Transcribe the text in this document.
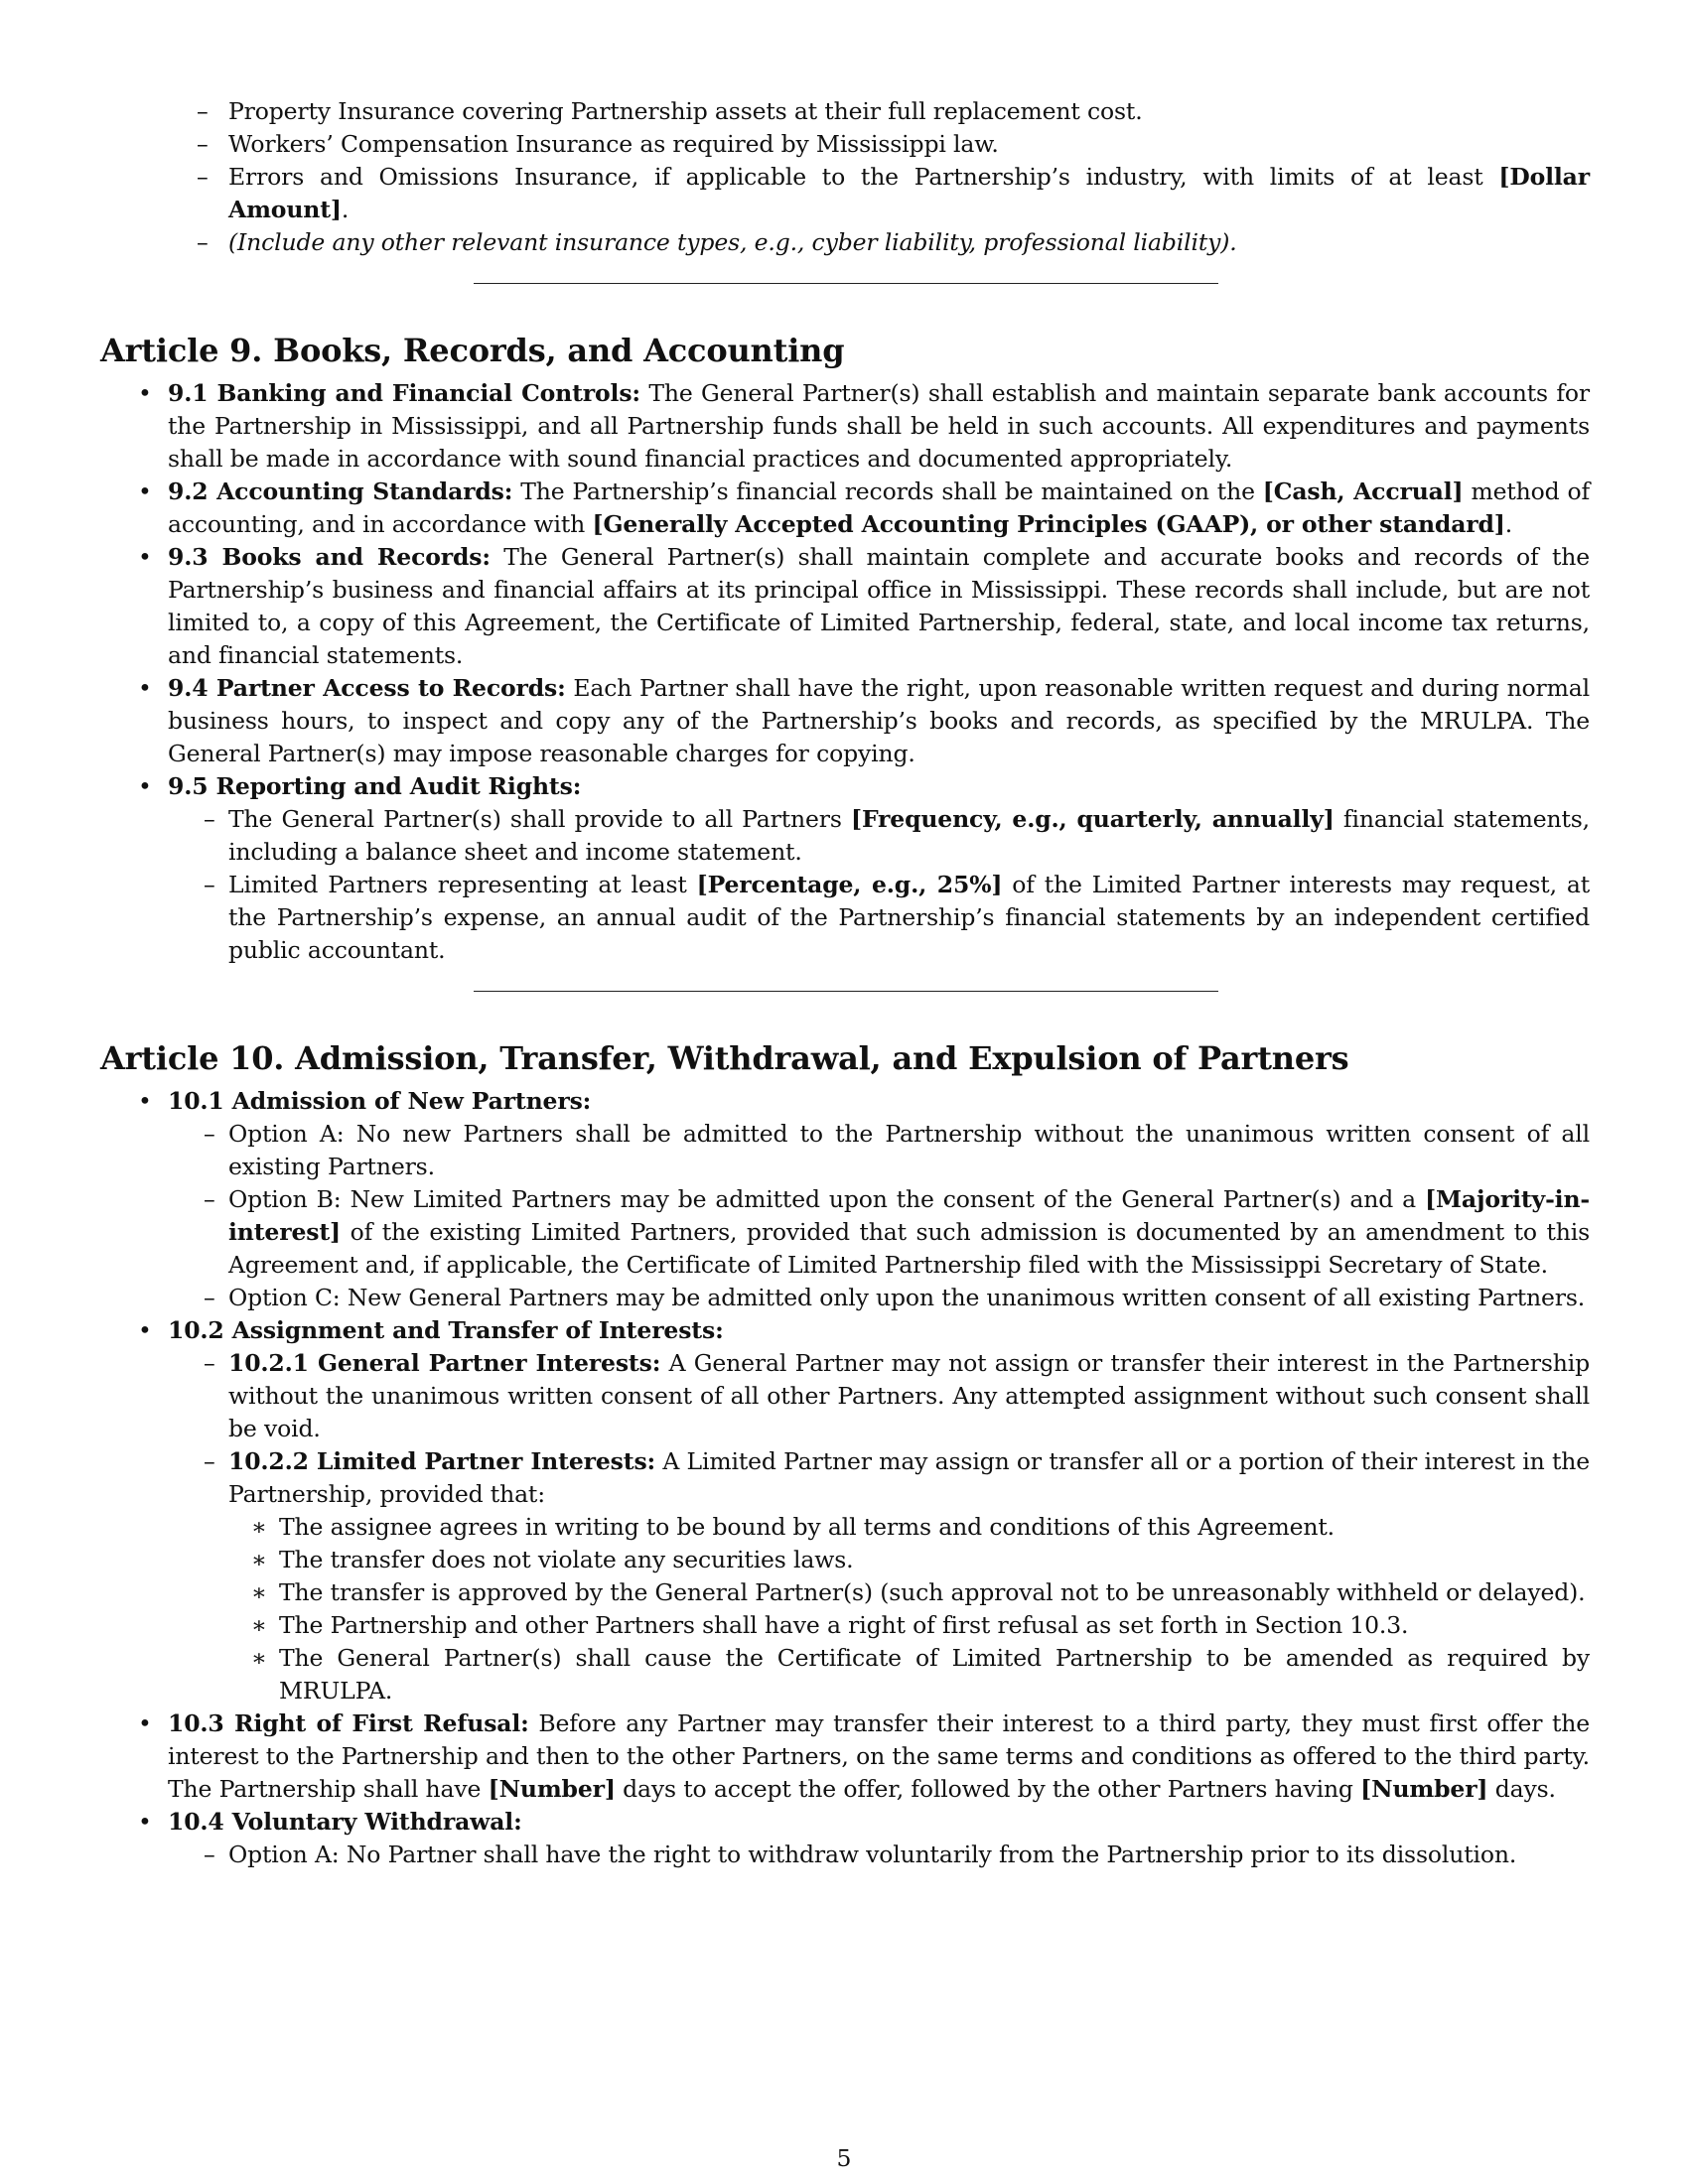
– Property Insurance covering Partnership assets at their full replacement cost.
– Workers’ Compensation Insurance as required by Mississippi law.
– Errors and Omissions Insurance, if applicable to the Partnership’s industry, with limits of at least [Dollar Amount].
– (Include any other relevant insurance types, e.g., cyber liability, professional liability).
Article 9. Books, Records, and Accounting
• 9.1 Banking and Financial Controls: The General Partner(s) shall establish and maintain separate bank accounts for the Partnership in Mississippi, and all Partnership funds shall be held in such accounts. All expenditures and payments shall be made in accordance with sound financial practices and documented appropriately.
• 9.2 Accounting Standards: The Partnership’s financial records shall be maintained on the [Cash, Accrual] method of accounting, and in accordance with [Generally Accepted Accounting Principles (GAAP), or other standard].
• 9.3 Books and Records: The General Partner(s) shall maintain complete and accurate books and records of the Partnership’s business and financial affairs at its principal office in Mississippi. These records shall include, but are not limited to, a copy of this Agreement, the Certificate of Limited Partnership, federal, state, and local income tax returns, and financial statements.
• 9.4 Partner Access to Records: Each Partner shall have the right, upon reasonable written request and during normal business hours, to inspect and copy any of the Partnership’s books and records, as specified by the MRULPA. The General Partner(s) may impose reasonable charges for copying.
• 9.5 Reporting and Audit Rights:
– The General Partner(s) shall provide to all Partners [Frequency, e.g., quarterly, annually] financial statements, including a balance sheet and income statement.
– Limited Partners representing at least [Percentage, e.g., 25%] of the Limited Partner interests may request, at the Partnership’s expense, an annual audit of the Partnership’s financial statements by an independent certified public accountant.
Article 10. Admission, Transfer, Withdrawal, and Expulsion of Partners
• 10.1 Admission of New Partners:
– Option A: No new Partners shall be admitted to the Partnership without the unanimous written consent of all existing Partners.
– Option B: New Limited Partners may be admitted upon the consent of the General Partner(s) and a [Majority-in-interest] of the existing Limited Partners, provided that such admission is documented by an amendment to this Agreement and, if applicable, the Certificate of Limited Partnership filed with the Mississippi Secretary of State.
– Option C: New General Partners may be admitted only upon the unanimous written consent of all existing Partners.
• 10.2 Assignment and Transfer of Interests:
– 10.2.1 General Partner Interests: A General Partner may not assign or transfer their interest in the Partnership without the unanimous written consent of all other Partners. Any attempted assignment without such consent shall be void.
– 10.2.2 Limited Partner Interests: A Limited Partner may assign or transfer all or a portion of their interest in the Partnership, provided that:
∗ The assignee agrees in writing to be bound by all terms and conditions of this Agreement.
∗ The transfer does not violate any securities laws.
∗ The transfer is approved by the General Partner(s) (such approval not to be unreasonably withheld or delayed).
∗ The Partnership and other Partners shall have a right of first refusal as set forth in Section 10.3.
∗ The General Partner(s) shall cause the Certificate of Limited Partnership to be amended as required by MRULPA.
• 10.3 Right of First Refusal: Before any Partner may transfer their interest to a third party, they must first offer the interest to the Partnership and then to the other Partners, on the same terms and conditions as offered to the third party. The Partnership shall have [Number] days to accept the offer, followed by the other Partners having [Number] days.
• 10.4 Voluntary Withdrawal:
– Option A: No Partner shall have the right to withdraw voluntarily from the Partnership prior to its dissolution.
5
